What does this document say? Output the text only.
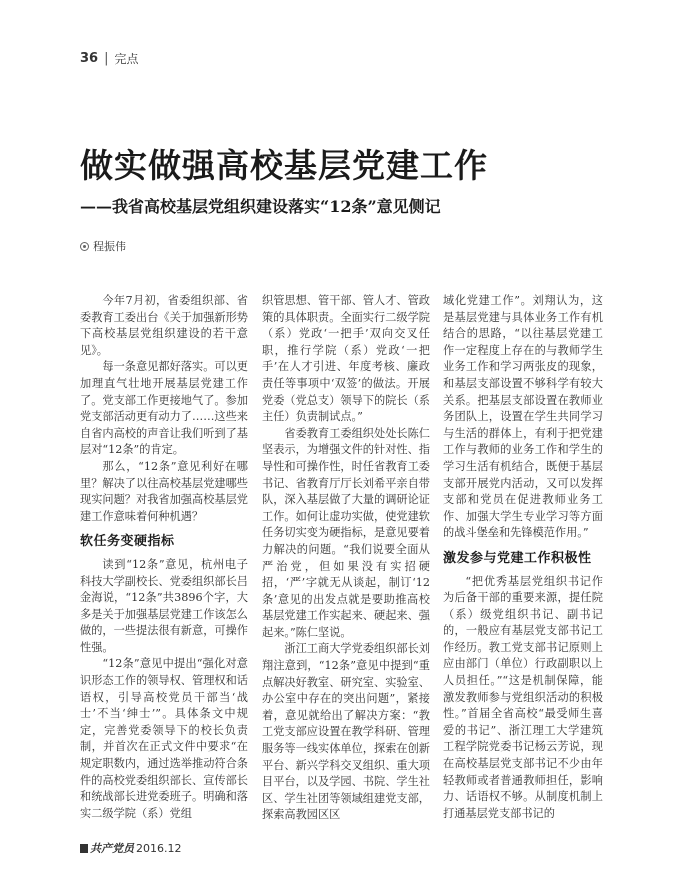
36 | 完点
做实做强高校基层党建工作
——我省高校基层党组织建设落实“12条”意见侧记
程振伟

今年7月初，省委组织部、省委教育工委出台《关于加强新形势下高校基层党组织建设的若干意见》。

每一条意见都好落实。可以更加理直气壮地开展基层党建工作了。党支部工作更接地气了。参加党支部活动更有动力了……这些来自省内高校的声音让我们听到了基层对“12条”的肯定。

那么，“12条”意见利好在哪里？解决了以往高校基层党建哪些现实问题？对我省加强高校基层党建工作意味着何种机遇？

软任务变硬指标

读到“12条”意见，杭州电子科技大学副校长、党委组织部长吕金海说，“12条”共3896个字，大多是关于加强基层党建工作该怎么做的，一些提法很有新意，可操作性强。

“12条”意见中提出“强化对意识形态工作的领导权、管理权和话语权，引导高校党员干部当‘战士’不当‘绅士’”。具体条文中规定，完善党委领导下的校长负责制，并首次在正式文件中要求“在规定职数内，通过选举推动符合条件的高校党委组织部长、宣传部长和统战部长进党委班子。明确和落实二级学院（系）党组

织管思想、管干部、管人才、管政策的具体职责。全面实行二级学院（系）党政‘一把手’双向交叉任职，推行学院（系）党政‘一把手’在人才引进、年度考核、廉政责任等事项中‘双签’的做法。开展党委（党总支）领导下的院长（系主任）负责制试点。”

省委教育工委组织处处长陈仁坚表示，为增强文件的针对性、指导性和可操作性，时任省教育工委书记、省教育厅厅长刘希平亲自带队，深入基层做了大量的调研论证工作。如何让虚功实做，使党建软任务切实变为硬指标，是意见要着力解决的问题。“我们说要全面从严治党，但如果没有实招硬招，‘严’字就无从谈起，制订‘12条’意见的出发点就是要助推高校基层党建工作实起来、硬起来、强起来。”陈仁坚说。

浙江工商大学党委组织部长刘翔注意到，“12条”意见中提到“重点解决好教室、研究室、实验室、办公室中存在的突出问题”，紧接着，意见就给出了解决方案：“教工党支部应设置在教学科研、管理服务等一线实体单位，探索在创新平台、新兴学科交叉组织、重大项目平台，以及学园、书院、学生社区、学生社团等领域组建党支部，探索高教园区区

域化党建工作”。刘翔认为，这是基层党建与具体业务工作有机结合的思路，“以往基层党建工作一定程度上存在的与教师学生业务工作和学习两张皮的现象，和基层支部设置不够科学有较大关系。把基层支部设置在教师业务团队上，设置在学生共同学习与生活的群体上，有利于把党建工作与教师的业务工作和学生的学习生活有机结合，既便于基层支部开展党内活动，又可以发挥支部和党员在促进教师业务工作、加强大学生专业学习等方面的战斗堡垒和先锋模范作用。”

激发参与党建工作积极性

“把优秀基层党组织书记作为后备干部的重要来源，提任院（系）级党组织书记、副书记的，一般应有基层党支部书记工作经历。教工党支部书记原则上应由部门（单位）行政副职以上人员担任。”“这是机制保障，能激发教师参与党组织活动的积极性。”首届全省高校“最受师生喜爱的书记”、浙江理工大学建筑工程学院党委书记杨云芳说，现在高校基层党支部书记不少由年轻教师或者普通教师担任，影响力、话语权不够。从制度机制上打通基层党支部书记的

共产党员 2016.12
